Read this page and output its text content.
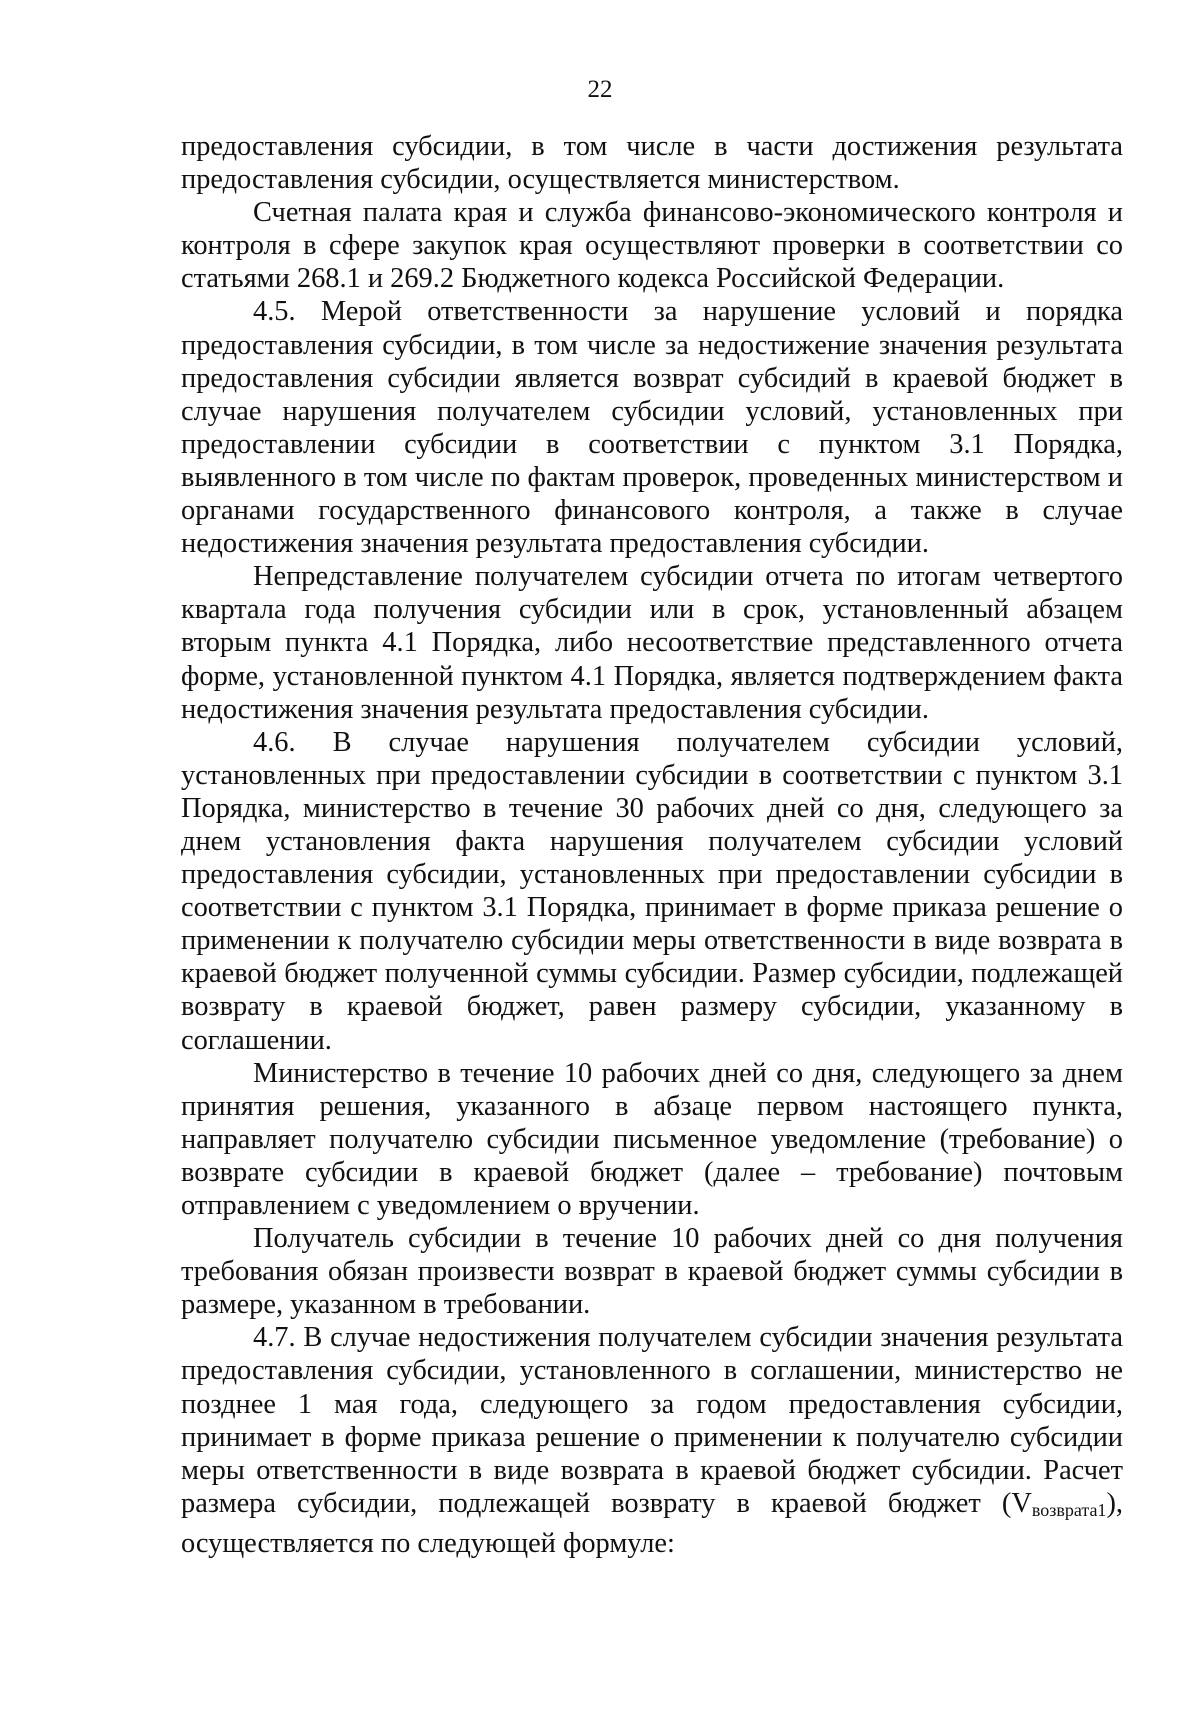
22

предоставления субсидии, в том числе в части достижения результата предоставления субсидии, осуществляется министерством.

Счетная палата края и служба финансово-экономического контроля и контроля в сфере закупок края осуществляют проверки в соответствии со статьями 268.1 и 269.2 Бюджетного кодекса Российской Федерации.

4.5. Мерой ответственности за нарушение условий и порядка предоставления субсидии, в том числе за недостижение значения результата предоставления субсидии является возврат субсидий в краевой бюджет в случае нарушения получателем субсидии условий, установленных при предоставлении субсидии в соответствии с пунктом 3.1 Порядка, выявленного в том числе по фактам проверок, проведенных министерством и органами государственного финансового контроля, а также в случае недостижения значения результата предоставления субсидии.

Непредставление получателем субсидии отчета по итогам четвертого квартала года получения субсидии или в срок, установленный абзацем вторым пункта 4.1 Порядка, либо несоответствие представленного отчета форме, установленной пунктом 4.1 Порядка, является подтверждением факта недостижения значения результата предоставления субсидии.

4.6. В случае нарушения получателем субсидии условий, установленных при предоставлении субсидии в соответствии с пунктом 3.1 Порядка, министерство в течение 30 рабочих дней со дня, следующего за днем установления факта нарушения получателем субсидии условий предоставления субсидии, установленных при предоставлении субсидии в соответствии с пунктом 3.1 Порядка, принимает в форме приказа решение о применении к получателю субсидии меры ответственности в виде возврата в краевой бюджет полученной суммы субсидии. Размер субсидии, подлежащей возврату в краевой бюджет, равен размеру субсидии, указанному в соглашении.

Министерство в течение 10 рабочих дней со дня, следующего за днем принятия решения, указанного в абзаце первом настоящего пункта, направляет получателю субсидии письменное уведомление (требование) о возврате субсидии в краевой бюджет (далее – требование) почтовым отправлением с уведомлением о вручении.

Получатель субсидии в течение 10 рабочих дней со дня получения требования обязан произвести возврат в краевой бюджет суммы субсидии в размере, указанном в требовании.

4.7. В случае недостижения получателем субсидии значения результата предоставления субсидии, установленного в соглашении, министерство не позднее 1 мая года, следующего за годом предоставления субсидии, принимает в форме приказа решение о применении к получателю субсидии меры ответственности в виде возврата в краевой бюджет субсидии. Расчет размера субсидии, подлежащей возврату в краевой бюджет $(V_{возврата1})$, осуществляется по следующей формуле:
